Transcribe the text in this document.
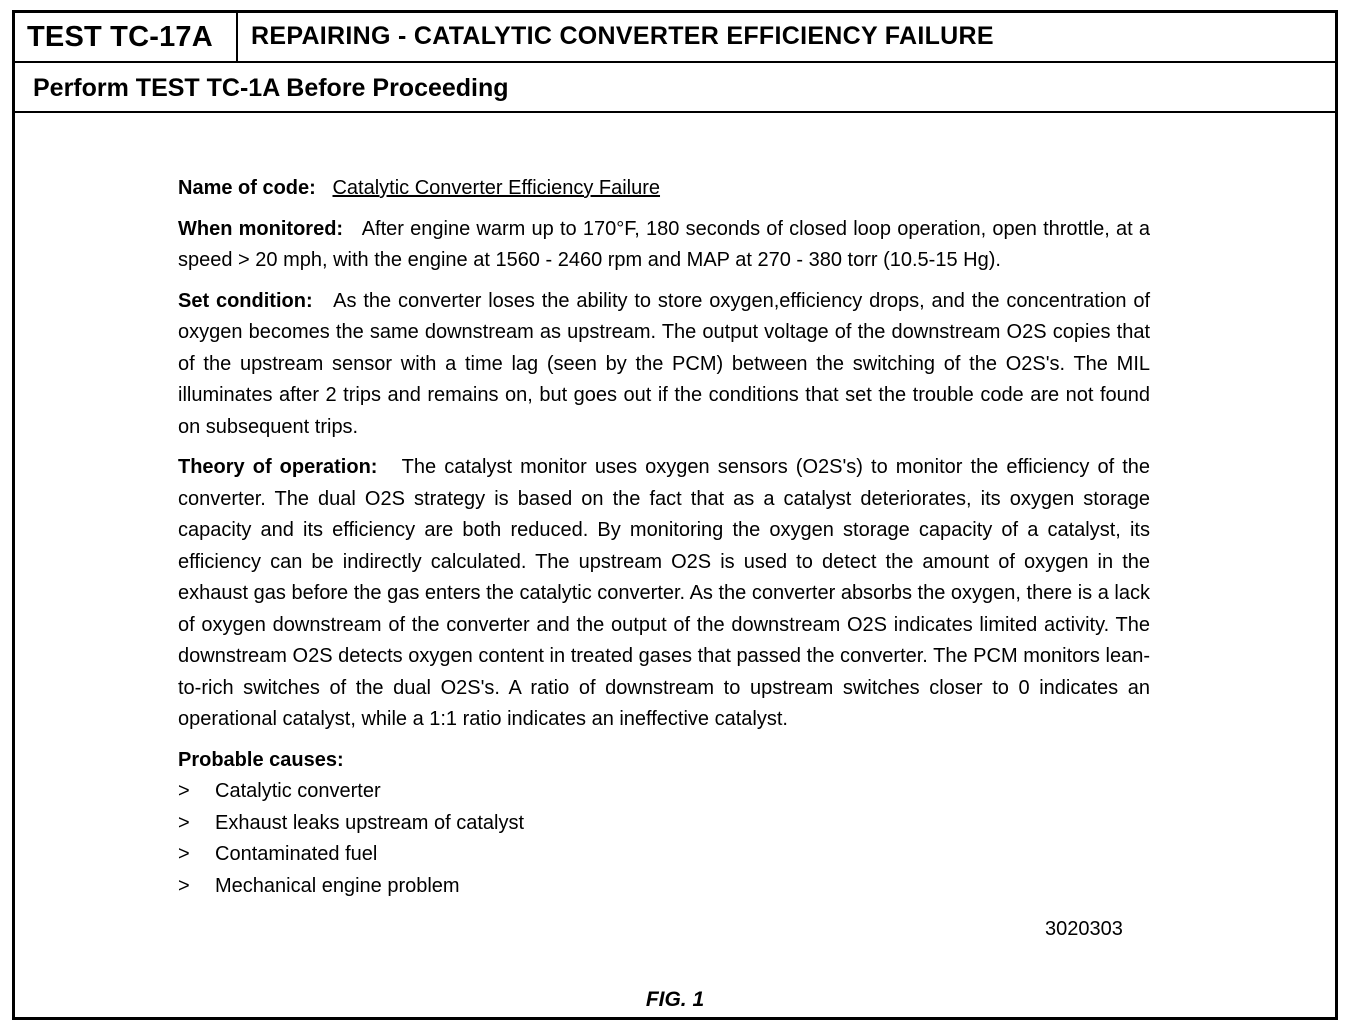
TEST TC-17A	REPAIRING - CATALYTIC CONVERTER EFFICIENCY FAILURE
Perform TEST TC-1A Before Proceeding

Name of code: Catalytic Converter Efficiency Failure

When monitored: After engine warm up to 170°F, 180 seconds of closed loop operation, open throttle, at a speed > 20 mph, with the engine at 1560 - 2460 rpm and MAP at 270 - 380 torr (10.5-15 Hg).

Set condition: As the converter loses the ability to store oxygen,efficiency drops, and the concentration of oxygen becomes the same downstream as upstream. The output voltage of the downstream O2S copies that of the upstream sensor with a time lag (seen by the PCM) between the switching of the O2S's. The MIL illuminates after 2 trips and remains on, but goes out if the conditions that set the trouble code are not found on subsequent trips.

Theory of operation: The catalyst monitor uses oxygen sensors (O2S's) to monitor the efficiency of the converter. The dual O2S strategy is based on the fact that as a catalyst deteriorates, its oxygen storage capacity and its efficiency are both reduced. By monitoring the oxygen storage capacity of a catalyst, its efficiency can be indirectly calculated. The upstream O2S is used to detect the amount of oxygen in the exhaust gas before the gas enters the catalytic converter. As the converter absorbs the oxygen, there is a lack of oxygen downstream of the converter and the output of the downstream O2S indicates limited activity. The downstream O2S detects oxygen content in treated gases that passed the converter. The PCM monitors lean-to-rich switches of the dual O2S's. A ratio of downstream to upstream switches closer to 0 indicates an operational catalyst, while a 1:1 ratio indicates an ineffective catalyst.

Probable causes:

> Catalytic converter
> Exhaust leaks upstream of catalyst
> Contaminated fuel
> Mechanical engine problem
3020303
FIG. 1
